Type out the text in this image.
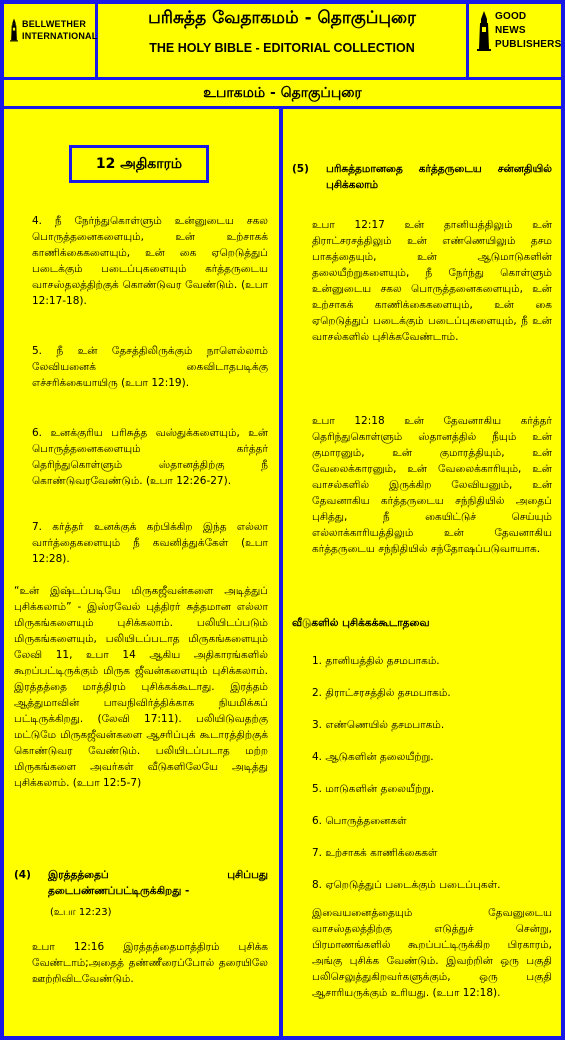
BELLWETHER INTERNATIONAL
பரிசுத்த வேதாகமம் - தொகுப்புரை
THE HOLY BIBLE - EDITORIAL COLLECTION
GOOD NEWS PUBLISHERS
உபாகமம் - தொகுப்புரை
12 அதிகாரம்
4. நீ நேர்ந்துகொள்ளும் உன்னுடைய சகல பொருத்தனைகளையும், உன் உற்சாகக் காணிக்கைகளையும், உன் கை ஏறெடுத்துப் படைக்கும் படைப்புகளையும் கர்த்தருடைய வாசஸ்தலத்திற்குக் கொண்டுவர வேண்டும். (உபா 12:17-18).
5. நீ உன் தேசத்திலிருக்கும் நாளெல்லாம் லேவியனைக் கைவிடாதபடிக்கு எச்சரிக்கையாயிரு (உபா 12:19).
6. உனக்குரிய பரிசுத்த வஸ்துக்களையும், உன் பொருத்தனைகளையும் கர்த்தர் தெரிந்துகொள்ளும் ஸ்தானத்திற்கு நீ கொண்டுவரவேண்டும். (உபா 12:26-27).
7. கர்த்தர் உனக்குக் கற்பிக்கிற இந்த எல்லா வார்த்தைகளையும் நீ கவனித்துக்கேள் (உபா 12:28).
“உன் இஷ்டப்படியே மிருகஜீவன்களை அடித்துப் புசிக்கலாம்” - இஸ்ரவேல் புத்திரர் சுத்தமான எல்லா மிருகங்களையும் புசிக்கலாம். பலியிடப்படும் மிருகங்களையும், பலியிடப்படாத மிருகங்களையும் லேவி 11, உபா 14 ஆகிய அதிகாரங்களில் கூறப்பட்டிருக்கும் மிருக ஜீவன்களையும் புசிக்கலாம். இரத்தத்தை மாத்திரம் புசிக்கக்கூடாது. இரத்தம் ஆத்துமாவின் பாவநிவிர்த்திக்காக நியமிக்கப் பட்டிருக்கிறது. (லேவி 17:11). பலியிடுவதற்கு மட்டுமே மிருகஜீவன்களை ஆசரிப்புக் கூடாரத்திற்குக் கொண்டுவர வேண்டும். பலியிடப்படாத மற்ற மிருகங்களை அவர்கள் வீடுகளிலேயே அடித்து புசிக்கலாம். (உபா 12:5-7)
(4)	இரத்தத்தைப் புசிப்பது தடைபண்ணப்பட்டிருக்கிறது -
(உபா 12:23)
உபா 12:16 இரத்தத்தைமாத்திரம் புசிக்க வேண்டாம்;அதைத் தண்ணீரைப்போல் தரையிலே ஊற்றிவிடவேண்டும்.
(5)	பரிசுத்தமானதை கர்த்தருடைய சன்னதியில் புசிக்கலாம்
உபா 12:17 உன் தானியத்திலும் உன் திராட்சரசத்திலும் உன் எண்ணெயிலும் தசம பாகத்தையும், உன் ஆடுமாடுகளின் தலையீற்றுகளையும், நீ நேர்ந்து கொள்ளும் உன்னுடைய சகல பொருத்தனைகளையும், உன் உற்சாகக் காணிக்கைகளையும், உன் கை ஏறெடுத்துப் படைக்கும் படைப்புகளையும், நீ உன் வாசல்களில் புசிக்கவேண்டாம்.
உபா 12:18 உன் தேவனாகிய கர்த்தர் தெரிந்துகொள்ளும் ஸ்தானத்தில் நீயும் உன் குமாரனும், உன் குமாரத்தியும், உன் வேலைக்காரனும், உன் வேலைக்காரியும், உன் வாசல்களில் இருக்கிற லேவியனும், உன் தேவனாகிய கர்த்தருடைய சந்நிதியில் அதைப் புசித்து, நீ கையிட்டுச் செய்யும் எல்லாக்காரியத்திலும் உன் தேவனாகிய கர்த்தருடைய சந்நிதியில் சந்தோஷப்படுவாயாக.
வீடுகளில் புசிக்கக்கூடாதவை
1. தானியத்தில் தசமபாகம்.
2. திராட்சரசத்தில் தசமபாகம்.
3. எண்ணெயில் தசமபாகம்.
4. ஆடுகளின் தலையீற்று.
5. மாடுகளின் தலையீற்று.
6. பொருத்தனைகள்
7. உற்சாகக் காணிக்கைகள்
8. ஏறெடுத்துப் படைக்கும் படைப்புகள்.
இவையனைத்தையும் தேவனுடைய வாசஸ்தலத்திற்கு எடுத்துச் சென்று, பிரமாணங்களில் கூறப்பட்டிருக்கிற பிரகாரம், அங்கு புசிக்க வேண்டும். இவற்றின் ஒரு பகுதி பலிசெலுத்துகிறவர்களுக்கும், ஒரு பகுதி ஆசாரியருக்கும் உரியது. (உபா 12:18).
